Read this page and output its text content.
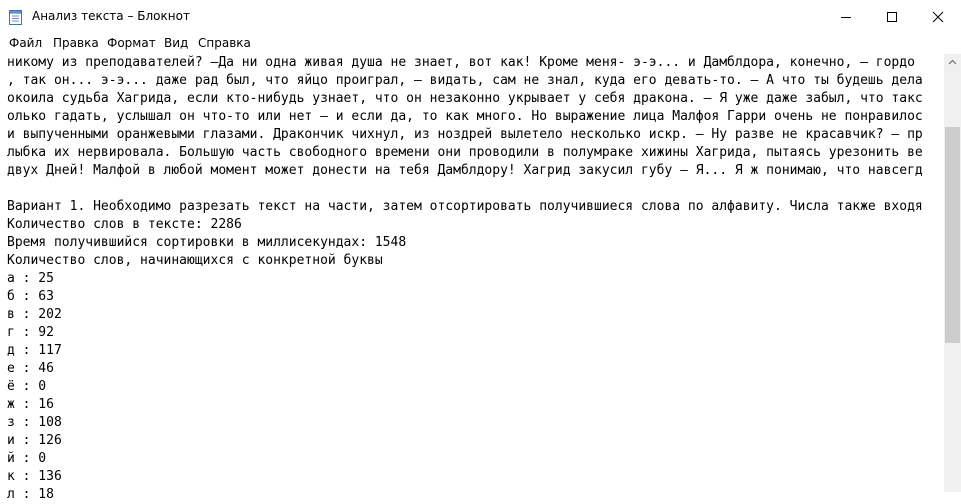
Анализ текста – Блокнот
Файл Правка Формат Вид Справка
никому из преподавателей? —Да ни одна живая душа не знает, вот как! Кроме меня- э-э... и Дамблдора, конечно, — гордо
, так он... э-э... даже рад был, что яйцо проиграл, — видать, сам не знал, куда его девать-то. — А что ты будешь дела
окоила судьба Хагрида, если кто-нибудь узнает, что он незаконно укрывает у себя дракона. — Я уже даже забыл, что такс
олько гадать, услышал он что-то или нет — и если да, то как много. Но выражение лица Малфоя Гарри очень не понравилос
и выпученными оранжевыми глазами. Дракончик чихнул, из ноздрей вылетело несколько искр. — Ну разве не красавчик? — пр
лыбка их нервировала. Большую часть свободного времени они проводили в полумраке хижины Хагрида, пытаясь урезонить ве
двух Дней! Малфой в любой момент может донести на тебя Дамблдору! Хагрид закусил губу — Я... Я ж понимаю, что навсегд
Вариант 1. Необходимо разрезать текст на части, затем отсортировать получившиеся слова по алфавиту. Числа также входя
Количество слов в тексте: 2286
Время получившийся сортировки в миллисекундах: 1548
Количество слов, начинающихся с конкретной буквы
а : 25
б : 63
в : 202
г : 92
д : 117
е : 46
ё : 0
ж : 16
з : 108
и : 126
й : 0
к : 136
л : 18
